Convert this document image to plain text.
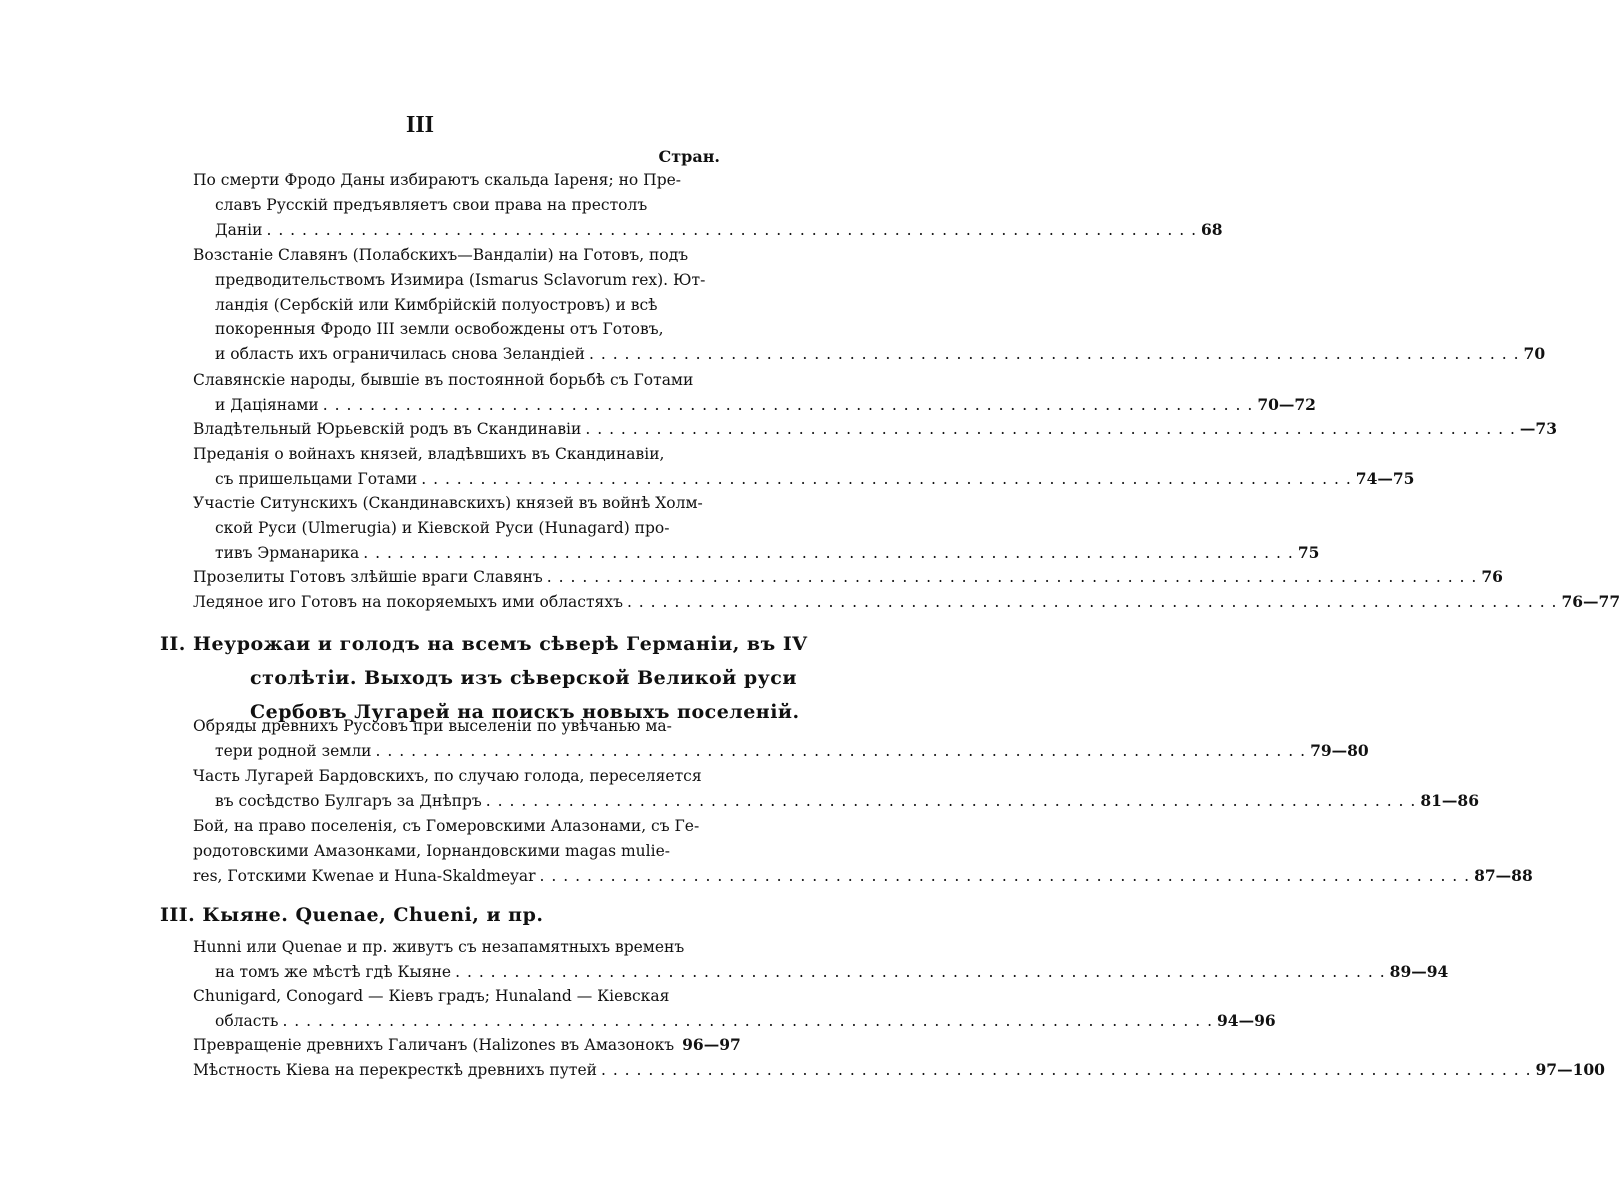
III
Стран.
По смерти Фродо Даны избираютъ скальда Іареня; но Пре-
славъ Русскій предъявляетъ свои права на престолъ
Даніи . . .	68
Возстаніе Славянъ (Полабскихъ—Вандаліи) на Готовъ, подъ
предводительствомъ Изимира (Ismarus Sclavorum rex). Ют-
ландія (Сербскій или Кимбрійскій полуостровъ) и всѣ
покоренныя Фродо III земли освобождены отъ Готовъ,
и область ихъ ограничилась снова Зеландіей . . .	70
Славянскіе народы, бывшіе въ постоянной борьбѣ съ Готами
и Даціянами . . .	70—72
Владѣтельный Юрьевскій родъ въ Скандинавіи . . .	—73
Преданія о войнахъ князей, владѣвшихъ въ Скандинавіи,
съ пришельцами Готами . . .	74—75
Участіе Ситунскихъ (Скандинавскихъ) князей въ войнѣ Холм-
ской Руси (Ulmerugia) и Кіевской Руси (Hunagard) про-
тивъ Эрманарика . . .	75
Прозелиты Готовъ злѣйшіе враги Славянъ . . .	76
Ледяное иго Готовъ на покоряемыхъ ими областяхъ . . .	76—77
II. Неурожаи и голодъ на всемъ сѣверѣ Германіи, въ IV
столѣтіи. Выходъ изъ сѣверской Великой руси
Сербовъ Лугарей на поискъ новыхъ поселеній.
Обряды древнихъ Руссовъ при выселеніи по увѣчанью ма-
тери родной земли . . .	79—80
Часть Лугарей Бардовскихъ, по случаю голода, переселяется
въ сосѣдство Булгаръ за Днѣпръ . . .	81—86
Бой, на право поселенія, съ Гомеровскими Алазонами, съ Ге-
родотовскими Амазонками, Іорнандовскими magas mulie-
res, Готскими Kwenae и Huna-Skaldmeyar . . .	87—88
III. Кыяне. Quenae, Chueni, и пр.
Hunni или Quenae и пр. живутъ съ незапамятныхъ временъ
на томъ же мѣстѣ гдѣ Кыяне . . .	89—94
Chunigard, Conogard — Кіевъ градъ; Hunaland — Кіевская
область . . .	94—96
Превращеніе древнихъ Галичанъ (Halizones въ Амазонокъ 96—97
Мѣстность Кіева на перекресткѣ древнихъ путей . . .	97—100
